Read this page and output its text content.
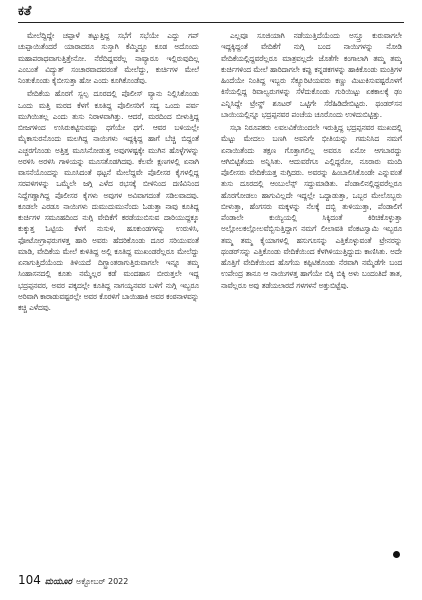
ಕತೆ

ಮೇಲೆದ್ದಿದ್ದೇ ಚಪ್ಪಾಳೆ ತಟ್ಟುತ್ತಿದ್ದ ಸಭೆಗೆ ಸಭೆಯೇ ಎದ್ದು ಗಪ್ ಚುಪ್ಪಾಯಿತೆಂದರೆ ಯಾರಾದರೂ ಸುಸ್ತಾಗಿ ಕೆಮ್ಮಿದ್ದೂ ಕೂಡ ಅದೊಂದು ಮಹಾಪರಾಧವಾಗುತ್ತಿತ್ತೇನೋ. ನೆರೆದಿದ್ದವರೆಲ್ಲ ನಾವ್ಯಾರೂ ಇಲ್ಲಿರುವುದಿಲ್ಲ ಎಂಬಂತೆ ವಿದ್ಯುತ್ ಸಂಚಾರವಾದವರಂತೆ ಮೇಲೆದ್ದು, ಕುರ್ಚಿಗಳ ಮೇಲೆ ನಿಂತುಕೊಂಡು ಕೈಬೀಸುತ್ತಾ ಹೋ ಎಂದು ಕೂಗಿಕೊಂಡೆವು.

ವೇದಿಕೆಯ ಹೊರಗೆ ಸ್ವಲ್ಪ ದೂರದಲ್ಲಿ ಪೊಲೀಸ್ ವ್ಯಾನು ನಿಲ್ಲಿಸಿಕೊಂಡು ಒಂದು ಮತ್ತಿ ಮರದ ಕೆಳಗೆ ಕೂತಿದ್ದ ಪೊಲೀಸರಿಗೆ ಸದ್ಯ ಒಂದು ಪರ್ವ ಮುಗಿಯಿತಲ್ಲ ಎಂದು ತುಸು ನಿರಾಳವಾಗಿತ್ತು. ಆದರೆ, ಮರದಿಂದ ಬೀಳುತ್ತಿದ್ದ ಬೀಜಗಳಿಂದ ಉಸಿರುಕಟ್ಟಿಸುವಷ್ಟು ಧಗೆಯೇ ಧಗೆ. ಆವರ ಬಳಿಯಲ್ಲೇ ಮೈಕಾಸುರನೊಂದು ಮಲಗಿದ್ದ ನಾಯಿಗಳು ಇದ್ದಕ್ಕಿದ್ದ ಹಾಗೆ ಬೆಚ್ಚಿ ಬಿದ್ದಂತೆ ಎಚ್ಚರಗೊಂಡು ಅತ್ತಿತ್ತ ಮೂಸಿನೋಡುತ್ತ ಅವುಗಳಷ್ಟಕ್ಕೇ ಮುಗಿನ ಹೊಳ್ಳೆಗಳನ್ನು ಅರಳಿಸಿ ಅರಳಿಸಿ ಗಾಳಿಯನ್ನು ಮೂಸತೊಡಗಿದವು. ಕೆಲವೇ ಕ್ಷಣಗಳಲ್ಲಿ ಏನಾಗಿ ವಾಸನೆಯೊಂದನ್ನು ಮೂಸಿದಂತೆ ಥಟ್ಟನೆ ಮೇಲೆದ್ದವೇ ಪೊಲೀಸರ ಕೈಗಳಲ್ಲಿದ್ದ ಸರಪಳಿಗಳನ್ನು ಒಮ್ಮೆಲೇ ಜಗ್ಗಿ ಎಳೆದ ರಭಸಕ್ಕೆ ಬೀಳಿನಿಂದ ದಣಿವಿನಿಂದ ನಿದ್ದೆಗಣ್ಣಾಗಿದ್ದ ಪೊಲೀಸರ ಕೈಗಳು ಅವುಗಳ ಅವಿವಾಗದಂತೆ ಸಡಿಲವಾದವು. ಕೂಡಲೇ ಎರಡೂ ನಾಯಿಗಳು ದುಮುದುಮುನೆಂದು ಓಡುತ್ತಾ ನಾವು ಕೂತಿದ್ದ ಕುರ್ಚಿಗಳ ಸಮೂಹದಿಂದ ನುಗ್ಗಿ ವೇದಿಕೆಗೆ ಕರಡೆಯುಬಿಸುವ ದಾರಿಯುದ್ದಕ್ಕೂ ಕುಕ್ಕುತ್ತ ಓಟ್ಟಿಯ ಕೆಳಗೆ ನುಸುಳಿ, ಹೂಕುಂಡಗಳನ್ನು ಉರುಳಿಸಿ, ಫೋಟೋಗ್ರಾಫರುಗಳತ್ತ ಹಾರಿ ಅವರು ಹೆದರಿಕೊಂಡು ದೂರ ಸರಿಯುವಂತೆ ಮಾಡಿ, ವೇದಿಕೆಯ ಮೇಲೆ ಕುಳಿತಿದ್ದ ಅಲ್ಲಿ ಕೂತಿದ್ದ ಮುಖಂಡರೆಲ್ಲರೂ ಮೇಲೆದ್ದು ಏನಾಗುತ್ತಿದೆಯೆಂದು ತಿಳಿಯದೆ ದಿಗ್ಭ್ರಾಂತರಾಗುತ್ತಿರುವಾಗಲೇ ಇನ್ನೂ ತಮ್ಮ ಸಿಂಹಾಸನದಲ್ಲಿ ಕೂತು ನಮ್ಮೆಲ್ಲರ ಕಡೆ ಮಂದಹಾಸ ಬೀರುತ್ತಲೇ ಇದ್ದ ಭದ್ರಪ್ಪನವರ, ಅವರ ಪಕ್ಕದಲ್ಲೇ ಕೂತಿದ್ದ ನಾಗಯ್ಯನವರ ಬಳಿಗೆ ನುಗ್ಗಿ ಇಬ್ಬರೂ ಅರಿವಾಗಿ ಕಾರಾಡುವಷ್ಟರಲ್ಲೇ ಅವರ ಕೊರಳಿಗೆ ಬಾಯಿಹಾಕಿ ಅವರ ಕಂಠನಾಳವನ್ನು ಕಚ್ಚಿ ಎಳೆದವು.

ಎಲ್ಲವೂ ಸೂಜಿಯಾಗಿ ನಡೆಯುತ್ತಿದೆಯೆಂದು ಅಸ್ತ್ರೂ ಕುರುವಾಗಲೇ ಇದ್ದಕ್ಕಿದ್ದಂತೆ ವೇದಿಕೆಗೆ ನುಗ್ಗಿ ಬಂದ ನಾಯಿಗಳನ್ನು ನೋಡಿ ವೇದಿಕೆಯಲ್ಲಿದ್ದವರೆಲ್ಲರೂ ಮಾತ್ರವಲ್ಲದೇ ಜೊತೆಗೇ ಕಂಗಾಲಾಗಿ ತಮ್ಮ ತಮ್ಮ ಕುರ್ಚಿಗಳಿಂದ ಮೇಲೆ ಹಾರಿದಾಗಲೇ ಕಪ್ಪು ಕನ್ನಡಕಗಳನ್ನು ಹಾಕಿಕೊಂಡು ಮಂತ್ರಿಗಳ ಹಿಂದೆಯೇ ನಿಂತಿದ್ದ ಇಬ್ಬರು ಸೆಕ್ಯೂರಿಟಿಯವರು ಕಣ್ಣು ಮಿಟುಕಿಸುವಷ್ಟರೊಳಗೆ ಕಿಸೆಯಲ್ಲಿದ್ದ ರಿವಾಲ್ವರುಗಳನ್ನು ಸೆಳೆದುಕೊಂಡು ಗುರಿಯಿಟ್ಟು ಏಕಕಾಲಕ್ಕೆ ಢಂ ಎನ್ನಿಸಿದ್ದೇ ಟ್ರೇನ್ಡ್ ಶೂಟರ್ ಒಟ್ಟಿಗೇ ಸೆರೆಹಿಡಿದೇಬಿಟ್ಟರು. ಥಂಡರ್‌ಸನ ಬಾಯಿಯಲ್ಲಿನ್ನೂ ಭದ್ರಪ್ಪನವರ ಪಂಚೆಯ ಚೂರೊಂದು ಉಳಿದುಬಿಟ್ಟಿತ್ತು.

ಸಭಾ ನಿರೂಪಕರು ಲವಲವಿಕೆಯಿಂದಲೇ ಇರುತ್ತಿದ್ದ ಭದ್ರಪ್ಪನವರ ಮುಖದಲ್ಲಿ ಮೆಟ್ಟು ಮೇದಲು ಬಣಗಿ ಅವನಿಗೇ ಭೀತಿಯನ್ನು ಗಮನಿಸಿದ ನಮಗೆ ಏನಾಯಿತೆಂದು ತಕ್ಷಣ ಗೊತ್ತಾಗಲಿಲ್ಲ ಅವರೂ ಏನೋ ಆಗಬಾರದ್ದು ಆಗಿಬಿಟ್ಟಿತೆಂದು ಅನ್ನಿಸಿತು. ಆದುವರೆಗೂ ಎಲ್ಲಿದ್ದರೋ, ನೂರಾರು ಮಂದಿ ಪೊಲೀಸರು ವೇದಿಕೆಯತ್ತ ನುಗ್ಗಿದರು. ಅವರನ್ನು ಹಿಂಬಾಲಿಸಿಕೊಂಡೇ ಎನ್ನುವಂತೆ ತುಸು ದೂರದಲ್ಲಿ ಆಂಬುಲೆನ್ಸ್ ಸದ್ದುಮಾಡಿತು. ಪೆಂಡಾಲಿನಲ್ಲಿದ್ದವರೆಲ್ಲರೂ ಹೊರಗೋಡಲು ಹಾಗುವಿಲ್ಲದೇ ಇದ್ದಲ್ಲೇ ಒದ್ದಾಡುತ್ತಾ, ಒಬ್ಬರ ಮೇಲೊಬ್ಬರು ಬೀಳುತ್ತಾ, ಹೆಂಗಸರು ಮಕ್ಕಳನ್ನು ನೆಲಕ್ಕೆ ದಬ್ಬಿ ತುಳಿಯುತ್ತಾ, ಪೆಂಡಾಲಿಗೆ ಪೆಂಡಾಲೇ ಕುಯ್ಯಿಯಲ್ಲಿ ಸಿಕ್ಕಿದಂತೆ ಕಿರಿಚಿಕೊಳ್ಳುತ್ತಾ ಅಲ್ಲೋಲಕಲ್ಲೋಲವೆಬ್ಬಿಸುತ್ತಿದ್ದಾಗ ನಮಗೆ ಲೀಲಾವತಿ ವೆಂಕಟಸ್ವಾಮಿ ಇಬ್ಬರೂ ತಮ್ಮ ತಮ್ಮ ಕೈಯಾಗಳಲ್ಲಿ ಹಸುಗೂಸನ್ನು ಎತ್ತಿಕೊಳ್ಳುವಂತೆ ಟ್ರೇನರನ್ನು ಥಂಡರ್‌ಸನ್ನು ಎತ್ತಿಕೊಂಡು ವೇದಿಕೆಯಿಂದ ಕೆಳಗಿಳಿಯುತ್ತಿದ್ದುದು ಕಾಣಿಸಿತು. ಅದೇ ಹೊತ್ತಿಗೆ ವೇದಿಕೆಯಿಂದ ಹೊಗೆಯ ಕಪ್ಪಿಟಿಕೊಂಡು ನೆರವಾಗಿ ನಮ್ಮೆಡೆಗೇ ಬಂದ ಉಪೇಂದ್ರ ತಾನೂ ಆ ನಾಯಿಗಳತ್ತ ಹಾಗೆಯೇ ಬಿಕ್ಕಿ ಬಿಕ್ಕಿ ಅಳು ಬಂದಂತಿದೆ ತಾತ, ನಾವೆಲ್ಲರೂ ಅವು ತಡೆಯಲಾರದೆ ಗಳಗಳನೆ ಅತ್ತುಬಿಟ್ಟೆವು.

104 ಮಯೂರ ಅಕ್ಟೋಬರ್ 2022
